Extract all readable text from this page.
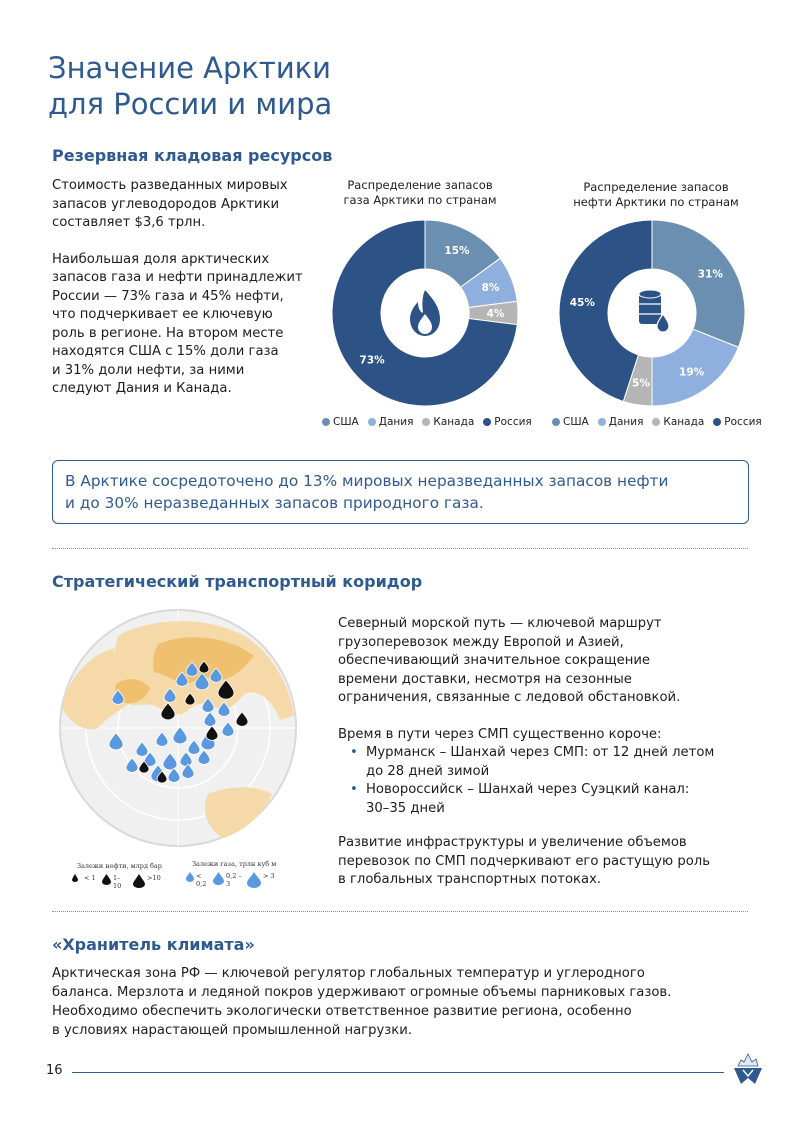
Значение Арктики
для России и мира
Резервная кладовая ресурсов
Стоимость разведанных мировых
запасов углеводородов Арктики
составляет $3,6 трлн.
Наибольшая доля арктических
запасов газа и нефти принадлежит
России — 73% газа и 45% нефти,
что подчеркивает ее ключевую
роль в регионе. На втором месте
находятся США с 15% доли газа
и 31% доли нефти, за ними
следуют Дания и Канада.
Распределение запасов
газа Арктики по странам
15%
8%
4%
73%
США Дания Канада Россия
Распределение запасов
нефти Арктики по странам
31%
19%
5%
45%
США Дания Канада Россия
В Арктике сосредоточено до 13% мировых неразведанных запасов нефти
и до 30% неразведанных запасов природного газа.
Стратегический транспортный коридор
Залежи нефти, млрд бар
< 1	1–10
>10
Залежи газа, трлн куб м
< 0,2
0,2 – 3
> 3
Северный морской путь — ключевой маршрут
грузоперевозок между Европой и Азией,
обеспечивающий значительное сокращение
времени доставки, несмотря на сезонные
ограничения, связанные с ледовой обстановкой.
Время в пути через СМП существенно короче:
• Мурманск – Шанхай через СМП: от 12 дней летом
до 28 дней зимой
• Новороссийск – Шанхай через Суэцкий канал:
30–35 дней
Развитие инфраструктуры и увеличение объемов
перевозок по СМП подчеркивают его растущую роль
в глобальных транспортных потоках.
«Хранитель климата»
Арктическая зона РФ — ключевой регулятор глобальных температур и углеродного
баланса. Мерзлота и ледяной покров удерживают огромные объемы парниковых газов.
Необходимо обеспечить экологически ответственное развитие региона, особенно
в условиях нарастающей промышленной нагрузки.
16
